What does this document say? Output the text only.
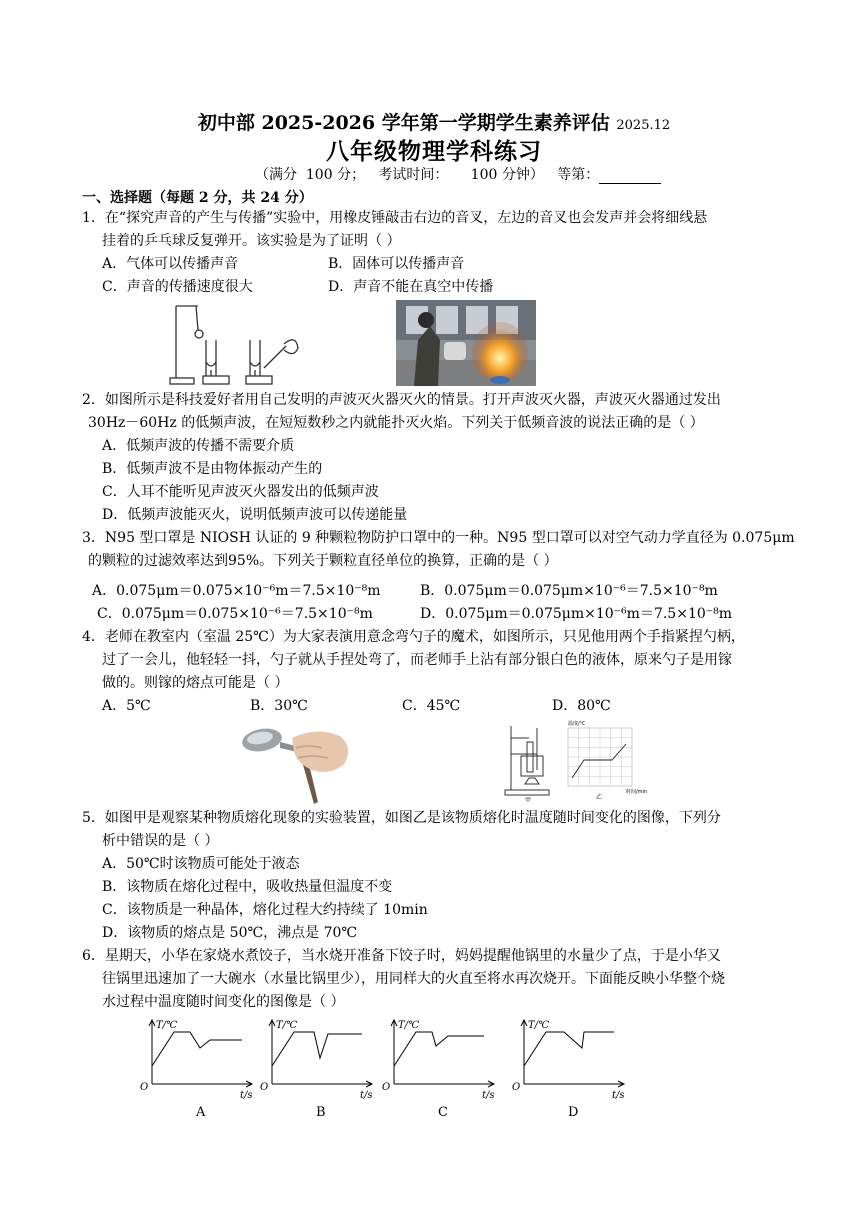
初中部 2025-2026 学年第一学期学生素养评估 2025.12
八年级物理学科练习
（满分  100 分；   考试时间：     100 分钟）   等第：
一、选择题（每题 2 分，共 24 分）
1．在“探究声音的产生与传播”实验中，用橡皮锤敲击右边的音叉，左边的音叉也会发声并会将细线悬
挂着的乒乓球反复弹开。该实验是为了证明（ ）
A．气体可以传播声音	B．固体可以传播声音
C．声音的传播速度很大	D．声音不能在真空中传播
2．如图所示是科技爱好者用自己发明的声波灭火器灭火的情景。打开声波灭火器，声波灭火器通过发出
30Hz－60Hz 的低频声波，在短短数秒之内就能扑灭火焰。下列关于低频音波的说法正确的是（ ）
A．低频声波的传播不需要介质
B．低频声波不是由物体振动产生的
C．人耳不能听见声波灭火器发出的低频声波
D．低频声波能灭火，说明低频声波可以传递能量
3．N95 型口罩是 NIOSH 认证的 9 种颗粒物防护口罩中的一种。N95 型口罩可以对空气动力学直径为 0.075μm
的颗粒的过滤效率达到95%。下列关于颗粒直径单位的换算，正确的是（ ）
A．0.075μm＝0.075×10⁻⁶m＝7.5×10⁻⁸m	B．0.075μm＝0.075μm×10⁻⁶＝7.5×10⁻⁸m
C．0.075μm＝0.075×10⁻⁶＝7.5×10⁻⁸m	D．0.075μm＝0.075μm×10⁻⁶m＝7.5×10⁻⁸m
4．老师在教室内（室温 25℃）为大家表演用意念弯勺子的魔术，如图所示，只见他用两个手指紧捏勺柄，
过了一会儿，他轻轻一抖，勺子就从手捏处弯了，而老师手上沾有部分银白色的液体，原来勺子是用镓
做的。则镓的熔点可能是（ ）
A．5℃	B．30℃	C．45℃	D．80℃
甲
温度/℃
时间/min
乙
5．如图甲是观察某种物质熔化现象的实验装置，如图乙是该物质熔化时温度随时间变化的图像，下列分
析中错误的是（ ）
A．50℃时该物质可能处于液态
B．该物质在熔化过程中，吸收热量但温度不变
C．该物质是一种晶体，熔化过程大约持续了 10min
D．该物质的熔点是 50℃，沸点是 70℃
6．星期天，小华在家烧水煮饺子，当水烧开准备下饺子时，妈妈提醒他锅里的水量少了点，于是小华又
往锅里迅速加了一大碗水（水量比锅里少），用同样大的火直至将水再次烧开。下面能反映小华整个烧
水过程中温度随时间变化的图像是（ ）
T/℃
t/s
O
A
T/℃
t/s
O
B
T/℃
t/s
O
C
T/℃
t/s
O
D
